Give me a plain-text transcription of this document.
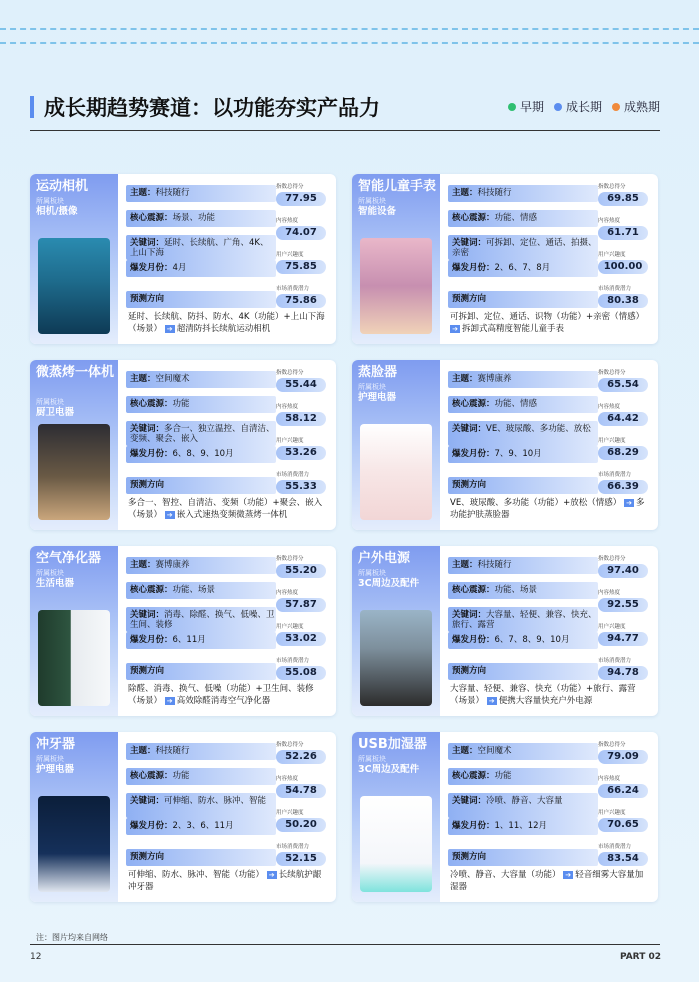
成长期趋势赛道：以功能夯实产品力	早期 成长期 成熟期
运动相机
所属板块
相机/摄像
主题：科技随行
核心震源：场景、功能
关键词：延时、长续航、广角、4K、上山下海
爆发月份：4月
预测方向
延时、长续航、防抖、防水、4K（功能）+上山下海（场景） ➔ 超清防抖长续航运动相机
指数总得分
77.95
内容热度
74.07
用户兴趣度
75.85
市场消费潜力
75.86
智能儿童手表
所属板块
智能设备
主题：科技随行
核心震源：功能、情感
关键词：可拆卸、定位、通话、拍摄、亲密
爆发月份：2、6、7、8月
预测方向
可拆卸、定位、通话、识物（功能）+亲密（情感） ➔ 拆卸式高精度智能儿童手表
指数总得分
69.85
内容热度
61.71
用户兴趣度
100.00
市场消费潜力
80.38
微蒸烤一体机
所属板块
厨卫电器
主题：空间魔术
核心震源：功能
关键词：多合一、独立温控、自清洁、变频、聚会、嵌入
爆发月份：6、8、9、10月
预测方向
多合一、智控、自清洁、变频（功能）+聚会、嵌入（场景） ➔ 嵌入式速热变频微蒸烤一体机
指数总得分
55.44
内容热度
58.12
用户兴趣度
53.26
市场消费潜力
55.33
蒸脸器
所属板块
护理电器
主题：赛博康养
核心震源：功能、情感
关键词：VE、玻尿酸、多功能、放松
爆发月份：7、9、10月
预测方向
VE、玻尿酸、多功能（功能）+放松（情感） ➔ 多功能护肤蒸脸器
指数总得分
65.54
内容热度
64.42
用户兴趣度
68.29
市场消费潜力
66.39
空气净化器
所属板块
生活电器
主题：赛博康养
核心震源：功能、场景
关键词：消毒、除醛、换气、低噪、卫生间、装修
爆发月份：6、11月
预测方向
除醛、消毒、换气、低噪（功能）+卫生间、装修（场景） ➔ 高效除醛消毒空气净化器
指数总得分
55.20
内容热度
57.87
用户兴趣度
53.02
市场消费潜力
55.08
户外电源
所属板块
3C周边及配件
主题：科技随行
核心震源：功能、场景
关键词：大容量、轻便、兼容、快充、旅行、露营
爆发月份：6、7、8、9、10月
预测方向
大容量、轻便、兼容、快充（功能）+旅行、露营（场景） ➔ 便携大容量快充户外电源
指数总得分
97.40
内容热度
92.55
用户兴趣度
94.77
市场消费潜力
94.78
冲牙器
所属板块
护理电器
主题：科技随行
核心震源：功能
关键词：可伸缩、防水、脉冲、智能
爆发月份：2、3、6、11月
预测方向
可伸缩、防水、脉冲、智能（功能） ➔ 长续航护龈冲牙器
指数总得分
52.26
内容热度
54.78
用户兴趣度
50.20
市场消费潜力
52.15
USB加湿器
所属板块
3C周边及配件
主题：空间魔术
核心震源：功能
关键词：冷喷、静音、大容量
爆发月份：1、11、12月
预测方向
冷喷、静音、大容量（功能） ➔ 轻音细雾大容量加湿器
指数总得分
79.09
内容热度
66.24
用户兴趣度
70.65
市场消费潜力
83.54
注：图片均来自网络
12	PART 02
